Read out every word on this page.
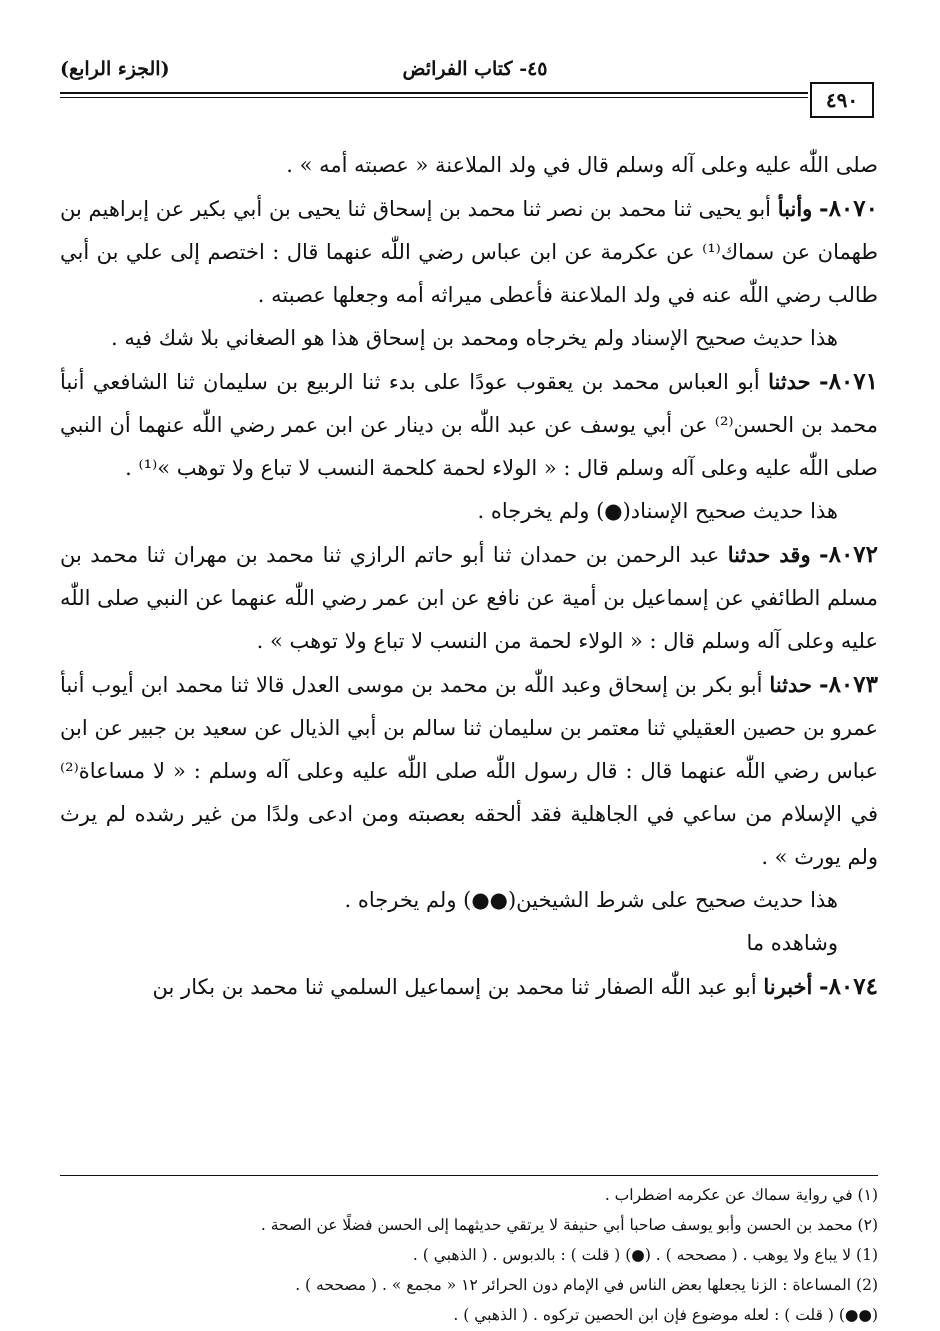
(الجزء الرابع)	٤٥- كتاب الفرائض
٤٩٠

صلى اللّٰه عليه وعلى آله وسلم قال في ولد الملاعنة « عصبته أمه » .

٨٠٧٠- وأنبأ أبو يحيى ثنا محمد بن نصر ثنا محمد بن إسحاق ثنا يحيى بن أبي بكير عن إبراهيم بن طهمان عن سماك⁽¹⁾ عن عكرمة عن ابن عباس رضي اللّٰه عنهما قال : اختصم إلى علي بن أبي طالب رضي اللّٰه عنه في ولد الملاعنة فأعطى ميراثه أمه وجعلها عصبته .

هذا حديث صحيح الإسناد ولم يخرجاه ومحمد بن إسحاق هذا هو الصغاني بلا شك فيه .

٨٠٧١- حدثنا أبو العباس محمد بن يعقوب عودًا على بدء ثنا الربيع بن سليمان ثنا الشافعي أنبأ محمد بن الحسن⁽²⁾ عن أبي يوسف عن عبد اللّٰه بن دينار عن ابن عمر رضي اللّٰه عنهما أن النبي صلى اللّٰه عليه وعلى آله وسلم قال : « الولاء لحمة كلحمة النسب لا تباع ولا توهب »⁽¹⁾ .

هذا حديث صحيح الإسناد(●) ولم يخرجاه .

٨٠٧٢- وقد حدثنا عبد الرحمن بن حمدان ثنا أبو حاتم الرازي ثنا محمد بن مهران ثنا محمد بن مسلم الطائفي عن إسماعيل بن أمية عن نافع عن ابن عمر رضي اللّٰه عنهما عن النبي صلى اللّٰه عليه وعلى آله وسلم قال : « الولاء لحمة من النسب لا تباع ولا توهب » .

٨٠٧٣- حدثنا أبو بكر بن إسحاق وعبد اللّٰه بن محمد بن موسى العدل قالا ثنا محمد ابن أيوب أنبأ عمرو بن حصين العقيلي ثنا معتمر بن سليمان ثنا سالم بن أبي الذيال عن سعيد بن جبير عن ابن عباس رضي اللّٰه عنهما قال : قال رسول اللّٰه صلى اللّٰه عليه وعلى آله وسلم : « لا مساعاة⁽²⁾ في الإسلام من ساعي في الجاهلية فقد ألحقه بعصبته ومن ادعى ولدًا من غير رشده لم يرث ولم يورث » .

هذا حديث صحيح على شرط الشيخين(●●) ولم يخرجاه .

وشاهده ما

٨٠٧٤- أخبرنا أبو عبد اللّٰه الصفار ثنا محمد بن إسماعيل السلمي ثنا محمد بن بكار بن

(١) في رواية سماك عن عكرمه اضطراب .

(٢) محمد بن الحسن وأبو يوسف صاحبا أبي حنيفة لا يرتقي حديثهما إلى الحسن فضلًا عن الصحة .

(1) لا يباع ولا يوهب . ( مصححه ) . (●) ( قلت ) : بالدبوس . ( الذهبي ) .

(2) المساعاة : الزنا يجعلها بعض الناس في الإمام دون الحرائر ١٢ « مجمع » . ( مصححه ) .

(●●) ( قلت ) : لعله موضوع فإن ابن الحصين تركوه . ( الذهبي ) .
